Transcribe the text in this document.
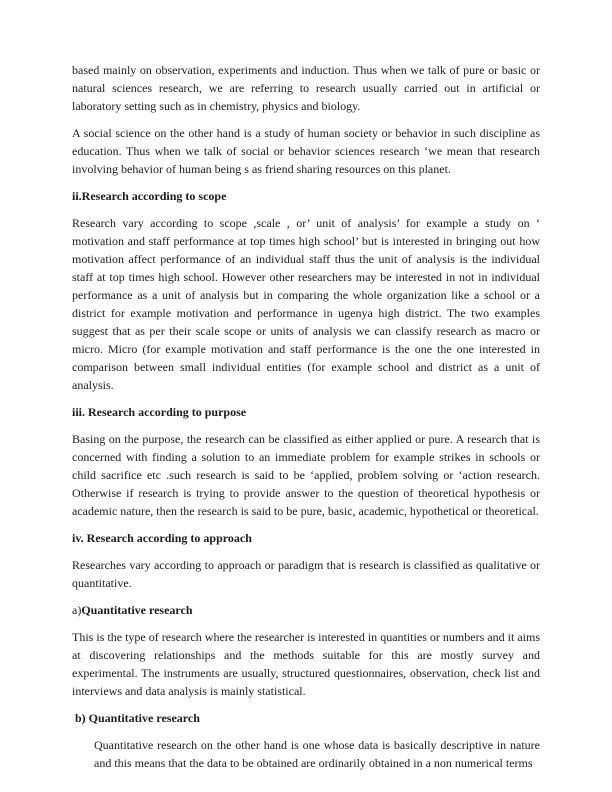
based mainly on observation, experiments and induction. Thus when we talk of pure or basic or natural sciences research, we are referring to research usually carried out in artificial or laboratory setting such as in chemistry, physics and biology.

A social science on the other hand is a study of human society or behavior in such discipline as education. Thus when we talk of social or behavior sciences research ‘we mean that research involving behavior of human being s as friend sharing resources on this planet.

ii.Research according to scope

Research vary according to scope ,scale , or’ unit of analysis’ for example a study on ‘ motivation and staff performance at top times high school’ but is interested in bringing out how motivation affect performance of an individual staff thus the unit of analysis is the individual staff at top times high school. However other researchers may be interested in not in individual performance as a unit of analysis but in comparing the whole organization like a school or a district for example motivation and performance in ugenya high district. The two examples suggest that as per their scale scope or units of analysis we can classify research as macro or micro. Micro (for example motivation and staff performance is the one the one interested in comparison between small individual entities (for example school and district as a unit of analysis.

iii. Research according to purpose

Basing on the purpose, the research can be classified as either applied or pure. A research that is concerned with finding a solution to an immediate problem for example strikes in schools or child sacrifice etc .such research is said to be ‘applied, problem solving or ‘action research. Otherwise if research is trying to provide answer to the question of theoretical hypothesis or academic nature, then the research is said to be pure, basic, academic, hypothetical or theoretical.

iv. Research according to approach

Researches vary according to approach or paradigm that is research is classified as qualitative or quantitative.

a)Quantitative research

This is the type of research where the researcher is interested in quantities or numbers and it aims at discovering relationships and the methods suitable for this are mostly survey and experimental. The instruments are usually, structured questionnaires, observation, check list and interviews and data analysis is mainly statistical.

b) Quantitative research

Quantitative research on the other hand is one whose data is basically descriptive in nature and this means that the data to be obtained are ordinarily obtained in a non numerical terms
